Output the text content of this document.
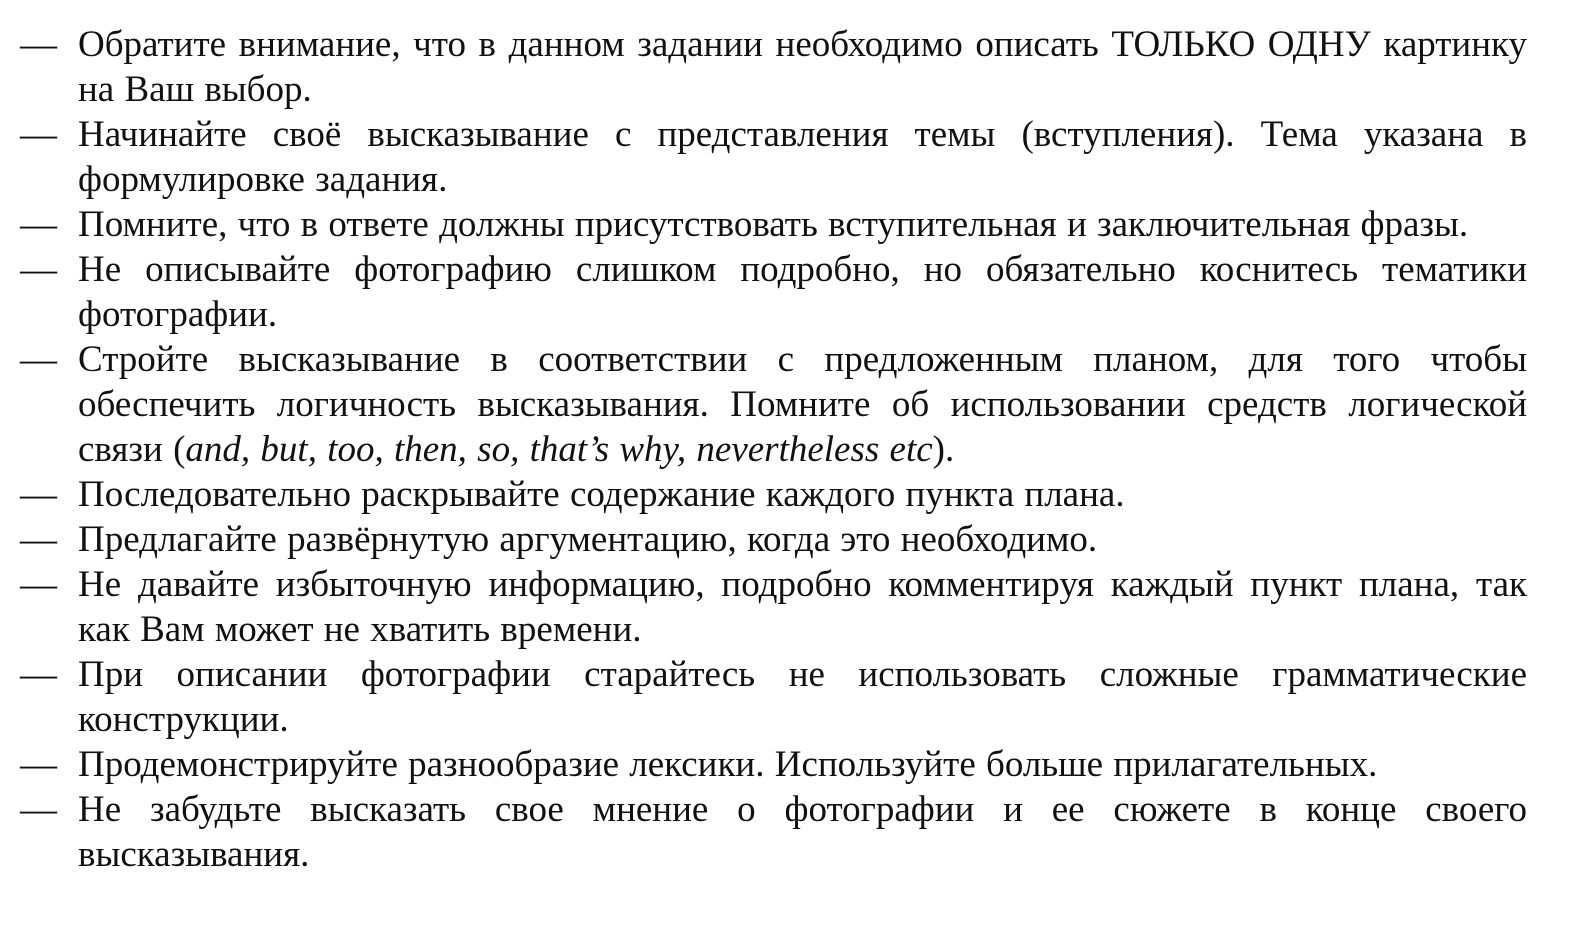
— Обратите внимание, что в данном задании необходимо описать ТОЛЬКО ОДНУ картинку на Ваш выбор.
— Начинайте своё высказывание с представления темы (вступления). Тема указана в формулировке задания.
— Помните, что в ответе должны присутствовать вступительная и заключительная фразы.
— Не описывайте фотографию слишком подробно, но обязательно коснитесь тематики фотографии.
— Стройте высказывание в соответствии с предложенным планом, для того чтобы обеспечить логичность высказывания. Помните об использовании средств логической связи (and, but, too, then, so, that’s why, nevertheless etc).
— Последовательно раскрывайте содержание каждого пункта плана.
— Предлагайте развёрнутую аргументацию, когда это необходимо.
— Не давайте избыточную информацию, подробно комментируя каждый пункт плана, так как Вам может не хватить времени.
— При описании фотографии старайтесь не использовать сложные грамматические конструкции.
— Продемонстрируйте разнообразие лексики. Используйте больше прилагательных.
— Не забудьте высказать свое мнение о фотографии и ее сюжете в конце своего высказывания.
